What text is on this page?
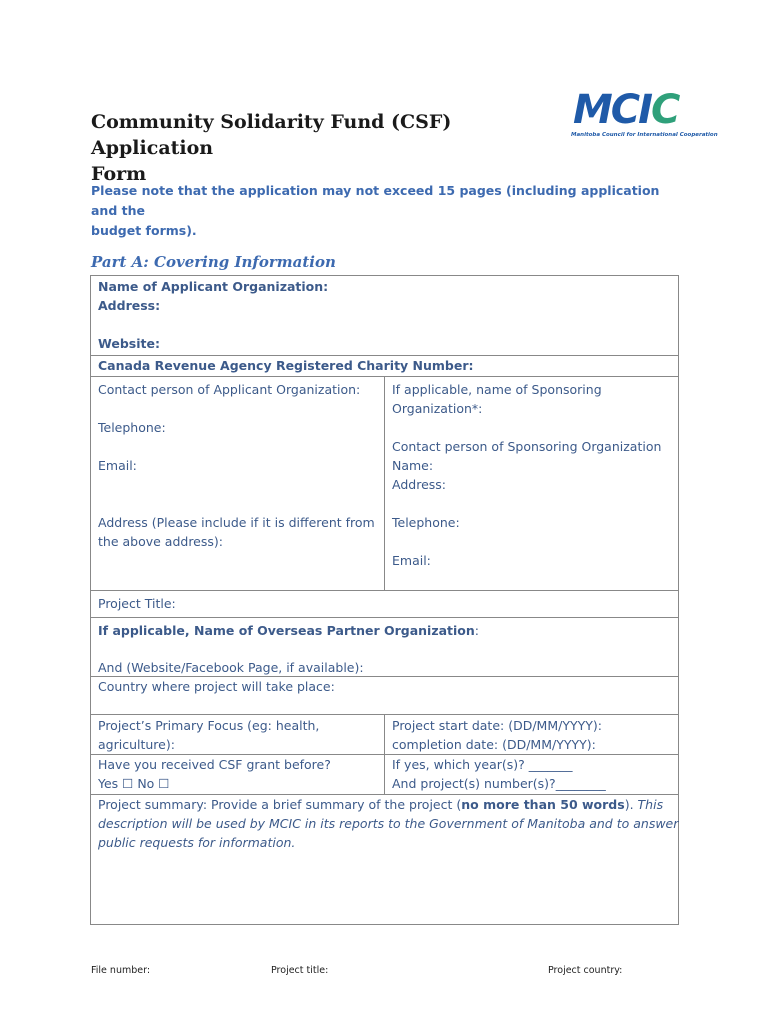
Community Solidarity Fund (CSF) Application
Form
MCIC
Manitoba Council for International Cooperation
Please note that the application may not exceed 15 pages (including application and the
budget forms).
Part A: Covering Information
Name of Applicant Organization:
Address:
Website:
Canada Revenue Agency Registered Charity Number:
Contact person of Applicant Organization:
Telephone:
Email:
Address (Please include if it is different from
the above address):
If applicable, name of Sponsoring
Organization*:
Contact person of Sponsoring Organization
Name:
Address:
Telephone:
Email:
Project Title:
If applicable, Name of Overseas Partner Organization:
And (Website/Facebook Page, if available):
Country where project will take place:
Project’s Primary Focus (eg: health,
agriculture):
Project start date: (DD/MM/YYYY):
completion date: (DD/MM/YYYY):
Have you received CSF grant before?
Yes ☐ No ☐
If yes, which year(s)? _______
And project(s) number(s)?________
Project summary: Provide a brief summary of the project (no more than 50 words). This
description will be used by MCIC in its reports to the Government of Manitoba and to answer
public requests for information.
File number:	Project title:	Project country:
